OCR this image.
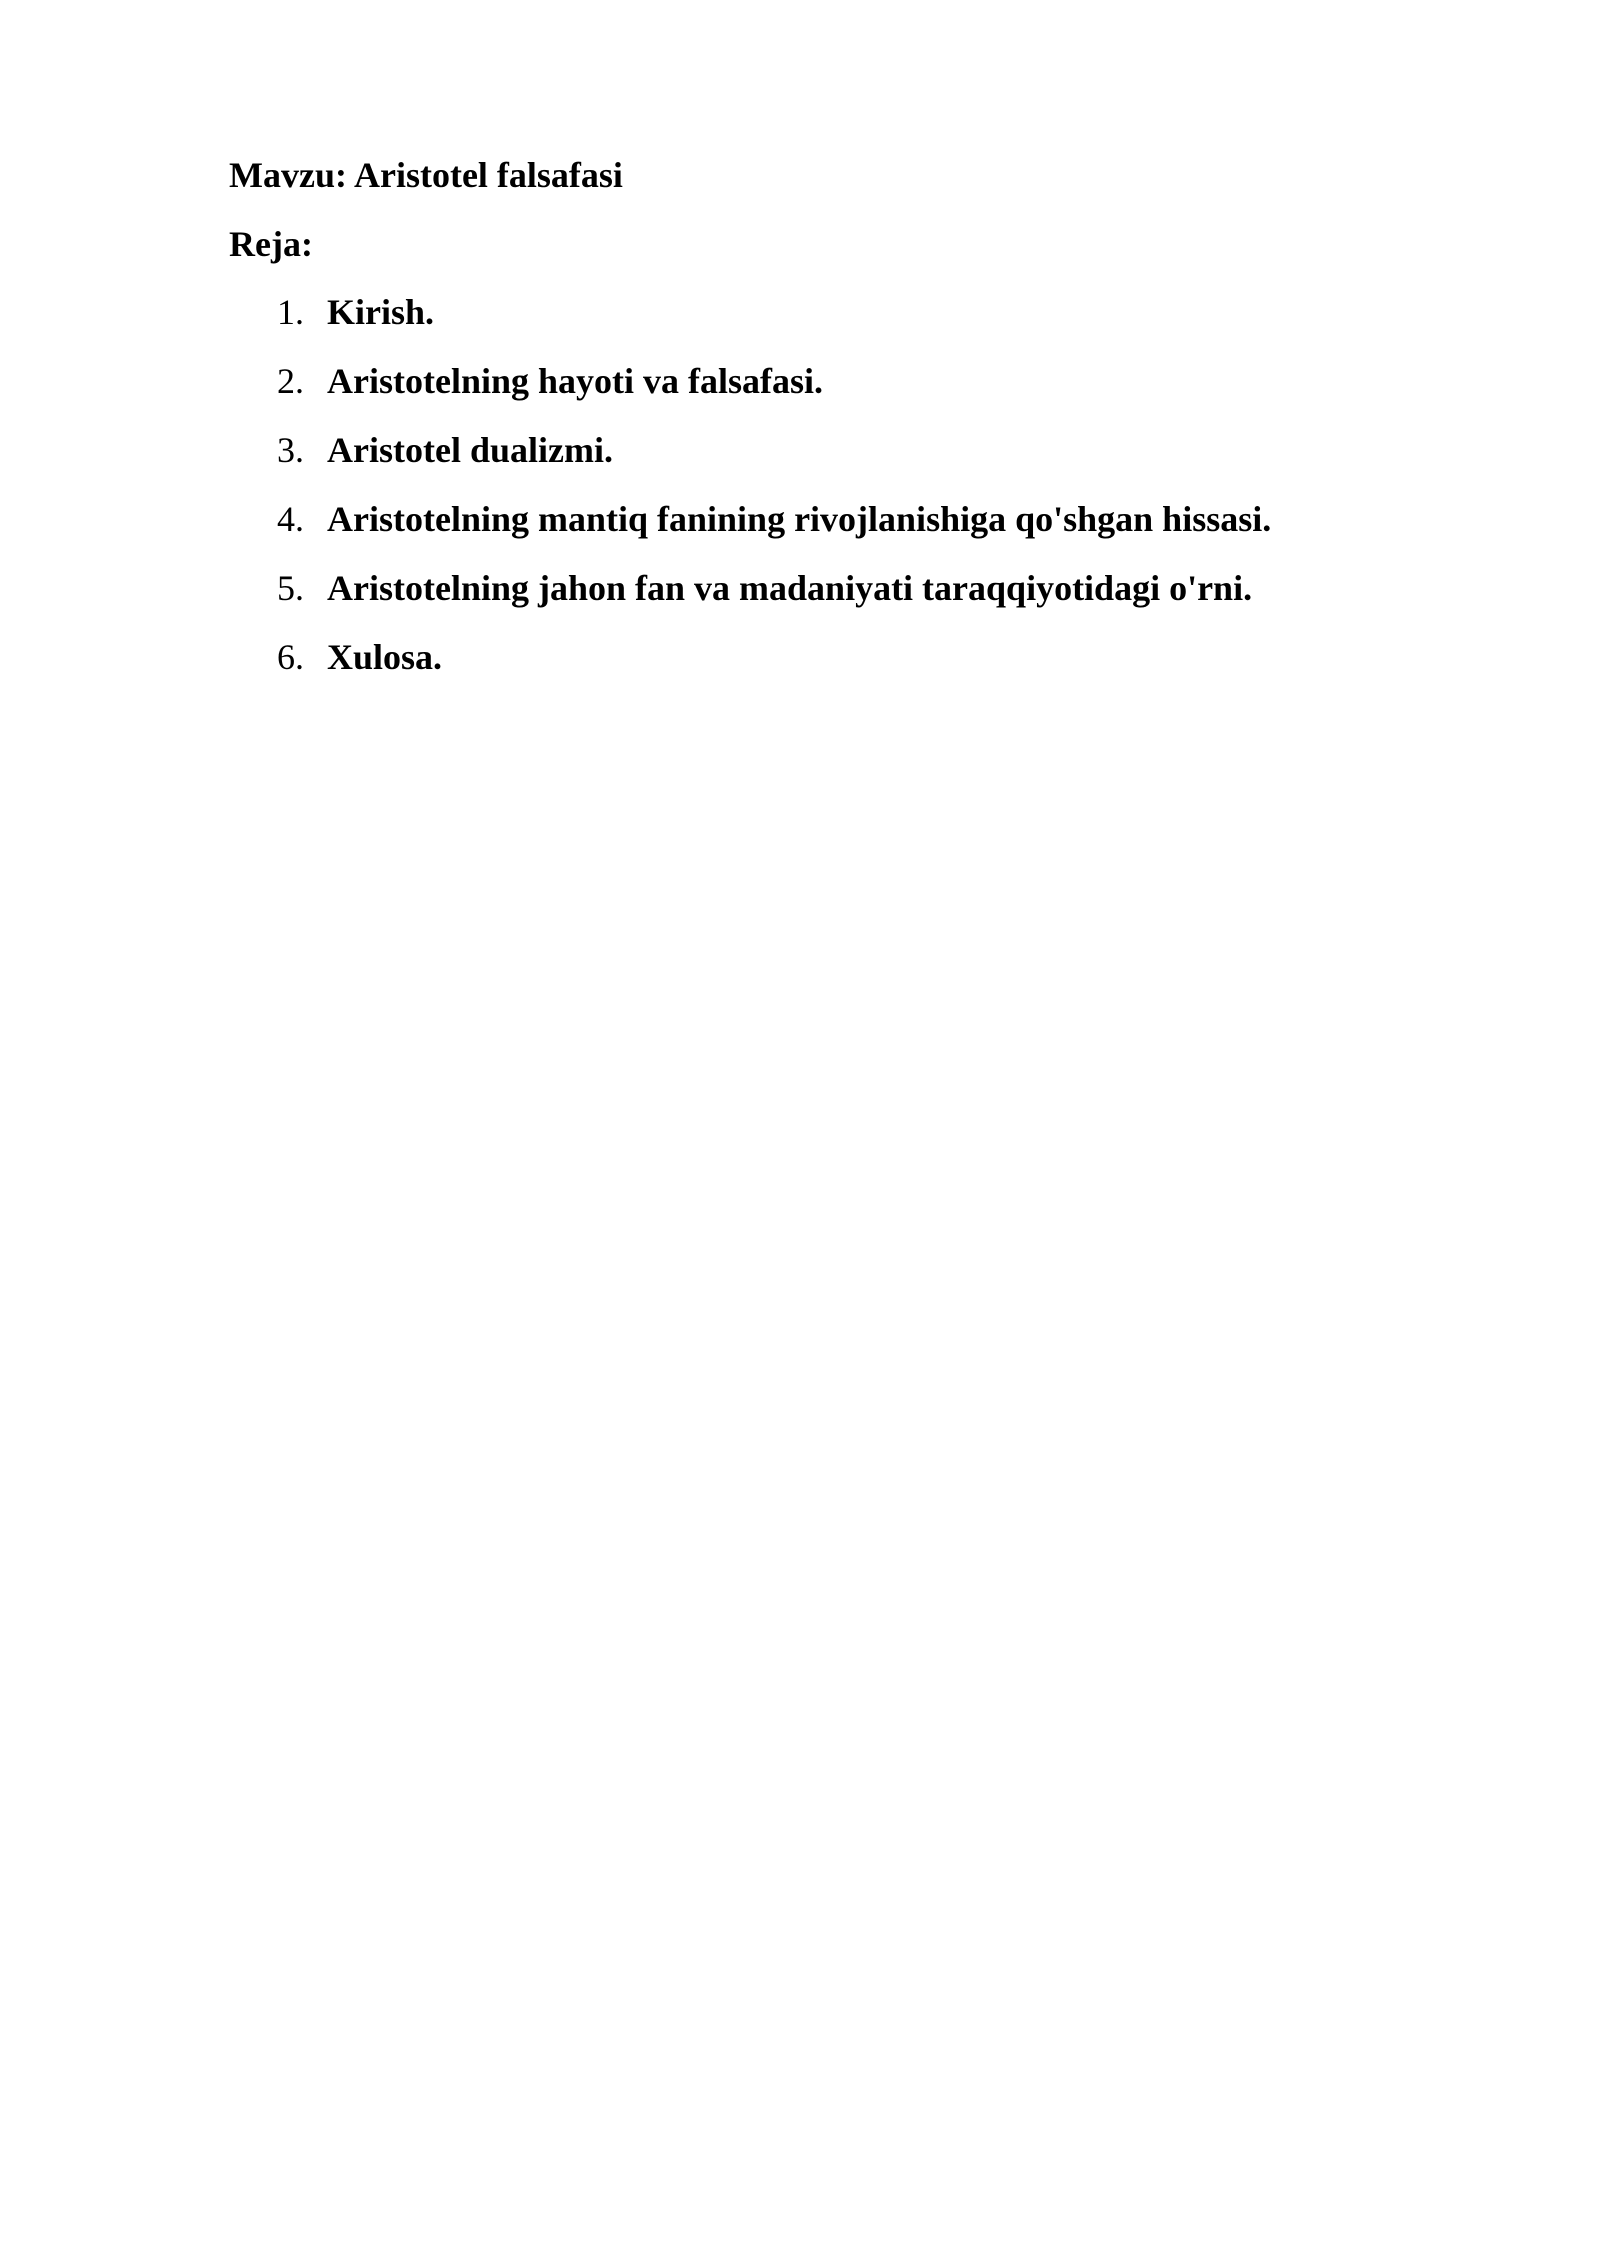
Mavzu: Aristotel falsafasi
Reja:
1. Kirish.
2. Aristotelning hayoti va falsafasi.
3. Aristotel dualizmi.
4. Aristotelning mantiq fanining rivojlanishiga qo'shgan hissasi.
5. Aristotelning jahon fan va madaniyati taraqqiyotidagi o'rni.
6. Xulosa.
